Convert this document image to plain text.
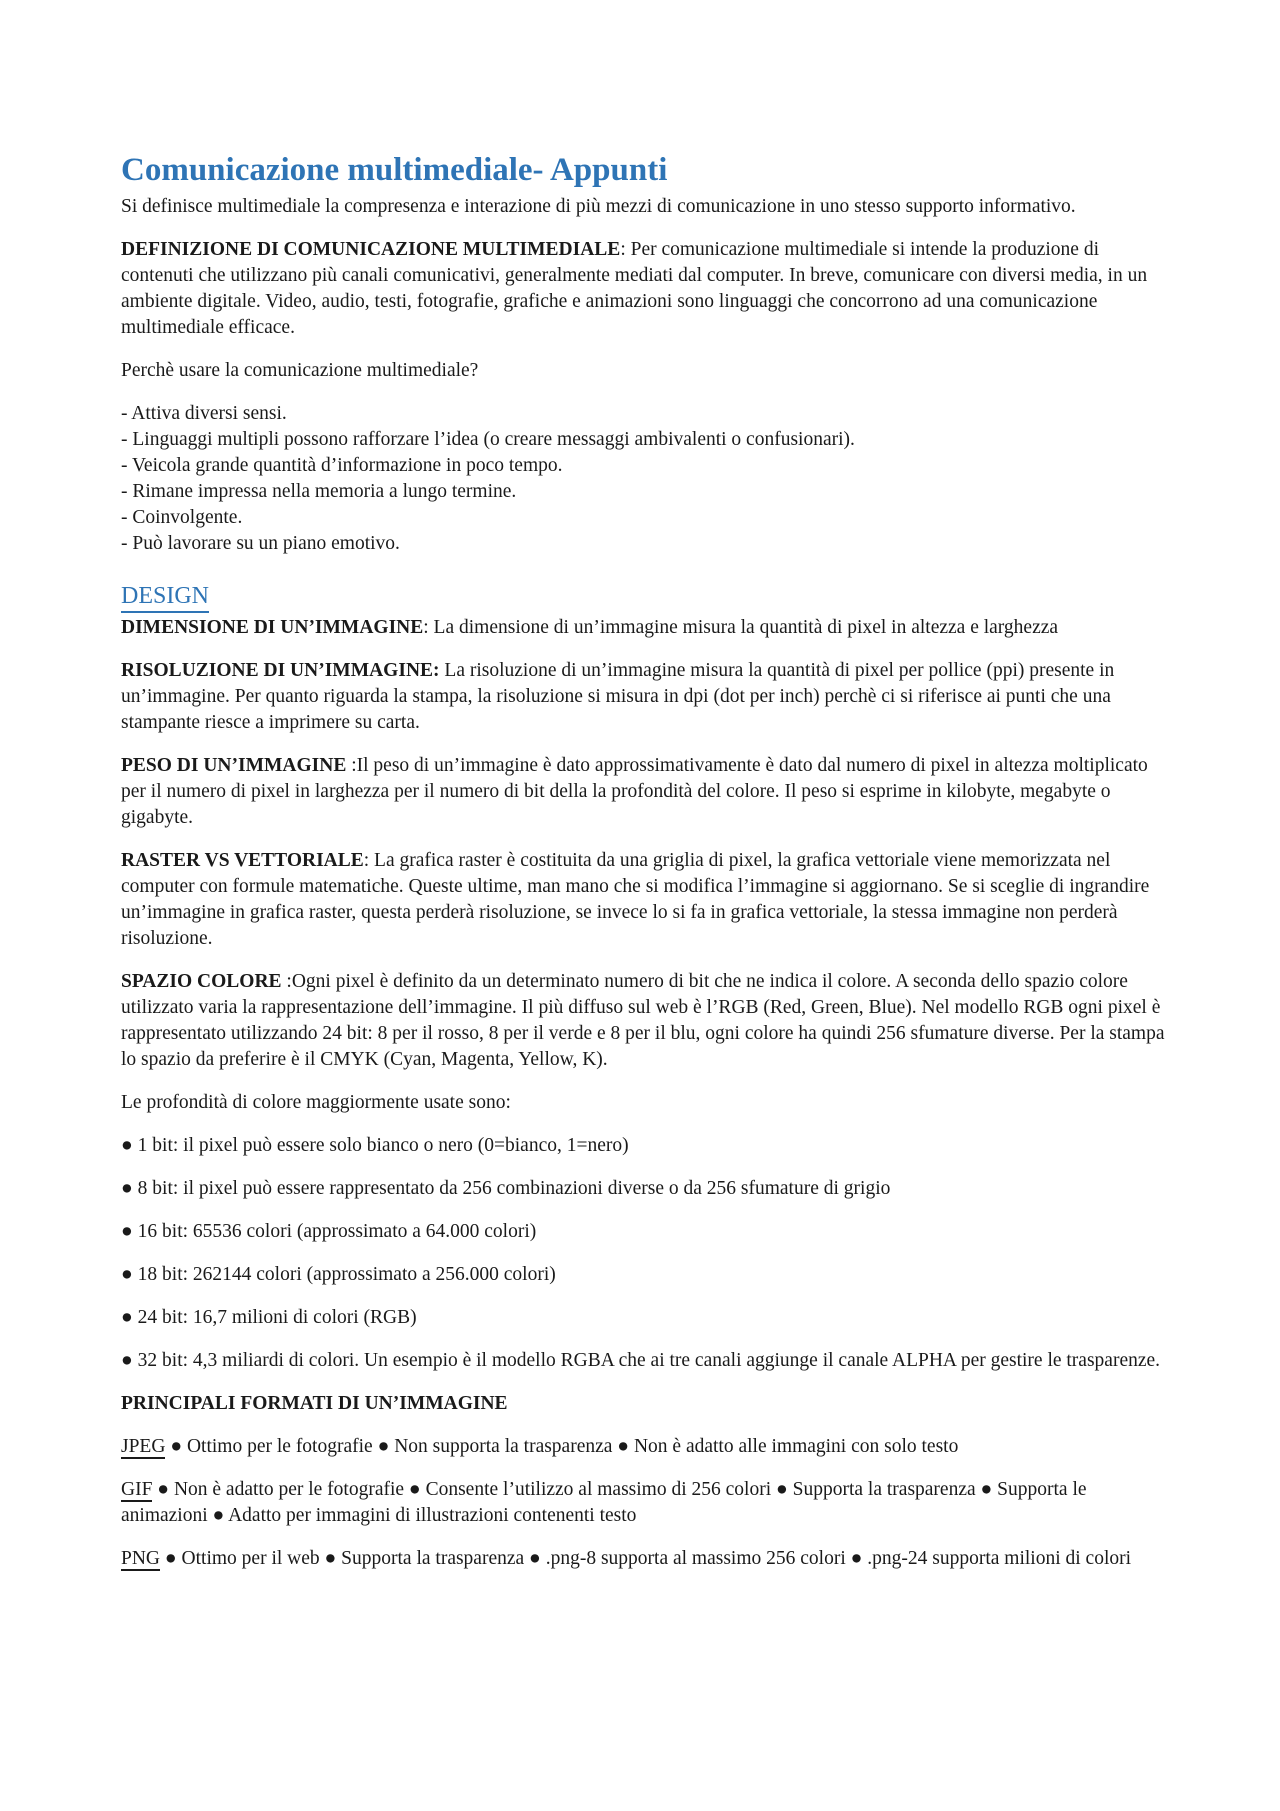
Comunicazione multimediale- Appunti

Si definisce multimediale la compresenza e interazione di più mezzi di comunicazione in uno stesso supporto informativo.

DEFINIZIONE DI COMUNICAZIONE MULTIMEDIALE: Per comunicazione multimediale si intende la produzione di contenuti che utilizzano più canali comunicativi, generalmente mediati dal computer. In breve, comunicare con diversi media, in un ambiente digitale. Video, audio, testi, fotografie, grafiche e animazioni sono linguaggi che concorrono ad una comunicazione multimediale efficace.

Perchè usare la comunicazione multimediale?

- Attiva diversi sensi.
- Linguaggi multipli possono rafforzare l’idea (o creare messaggi ambivalenti o confusionari).
- Veicola grande quantità d’informazione in poco tempo.
- Rimane impressa nella memoria a lungo termine.
- Coinvolgente.
- Può lavorare su un piano emotivo.
DESIGN

DIMENSIONE DI UN’IMMAGINE: La dimensione di un’immagine misura la quantità di pixel in altezza e larghezza

RISOLUZIONE DI UN’IMMAGINE: La risoluzione di un’immagine misura la quantità di pixel per pollice (ppi) presente in un’immagine. Per quanto riguarda la stampa, la risoluzione si misura in dpi (dot per inch) perchè ci si riferisce ai punti che una stampante riesce a imprimere su carta.

PESO DI UN’IMMAGINE :Il peso di un’immagine è dato approssimativamente è dato dal numero di pixel in altezza moltiplicato per il numero di pixel in larghezza per il numero di bit della la profondità del colore. Il peso si esprime in kilobyte, megabyte o gigabyte.

RASTER VS VETTORIALE: La grafica raster è costituita da una griglia di pixel, la grafica vettoriale viene memorizzata nel computer con formule matematiche. Queste ultime, man mano che si modifica l’immagine si aggiornano. Se si sceglie di ingrandire un’immagine in grafica raster, questa perderà risoluzione, se invece lo si fa in grafica vettoriale, la stessa immagine non perderà risoluzione.

SPAZIO COLORE :Ogni pixel è definito da un determinato numero di bit che ne indica il colore. A seconda dello spazio colore utilizzato varia la rappresentazione dell’immagine. Il più diffuso sul web è l’RGB (Red, Green, Blue). Nel modello RGB ogni pixel è rappresentato utilizzando 24 bit: 8 per il rosso, 8 per il verde e 8 per il blu, ogni colore ha quindi 256 sfumature diverse. Per la stampa lo spazio da preferire è il CMYK (Cyan, Magenta, Yellow, K).

Le profondità di colore maggiormente usate sono:

● 1 bit: il pixel può essere solo bianco o nero (0=bianco, 1=nero)

● 8 bit: il pixel può essere rappresentato da 256 combinazioni diverse o da 256 sfumature di grigio

● 16 bit: 65536 colori (approssimato a 64.000 colori)

● 18 bit: 262144 colori (approssimato a 256.000 colori)

● 24 bit: 16,7 milioni di colori (RGB)

● 32 bit: 4,3 miliardi di colori. Un esempio è il modello RGBA che ai tre canali aggiunge il canale ALPHA per gestire le trasparenze.

PRINCIPALI FORMATI DI UN’IMMAGINE

JPEG ● Ottimo per le fotografie ● Non supporta la trasparenza ● Non è adatto alle immagini con solo testo

GIF ● Non è adatto per le fotografie ● Consente l’utilizzo al massimo di 256 colori ● Supporta la trasparenza ● Supporta le animazioni ● Adatto per immagini di illustrazioni contenenti testo

PNG ● Ottimo per il web ● Supporta la trasparenza ● .png-8 supporta al massimo 256 colori ● .png-24 supporta milioni di colori
